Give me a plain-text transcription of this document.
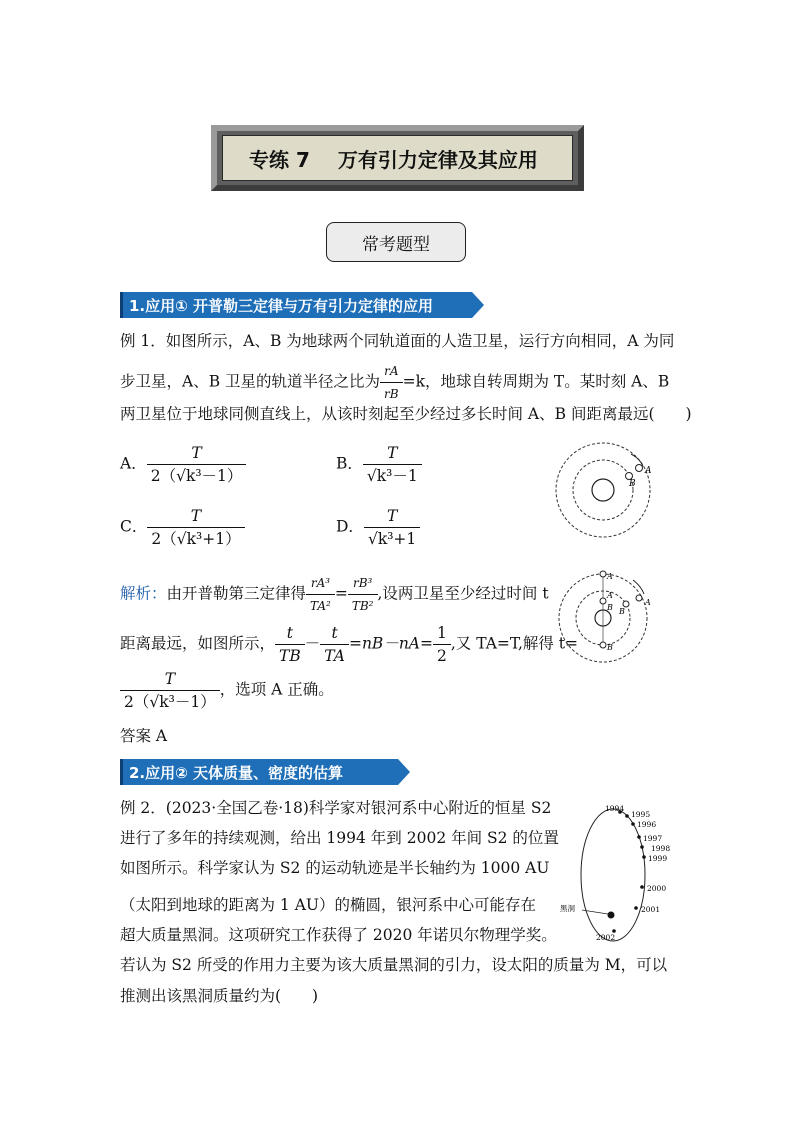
专练 7 万有引力定律及其应用
常考题型
1.应用① 开普勒三定律与万有引力定律的应用
例 1．如图所示，A、B 为地球两个同轨道面的人造卫星，运行方向相同，A 为同
步卫星，A、B 卫星的轨道半径之比为 $\frac{rA}{rB} =k$，地球自转周期为 T。某时刻 A、B
两卫星位于地球同侧直线上，从该时刻起至少经过多长时间 A、B 间距离最远(　　)
A． $\frac{T}{\text{2（√k³－1）}}$	B． $\frac{T}{\text{√k³－1}}$
C． $\frac{T}{\text{2（√k³+1）}}$	D． $\frac{T}{\text{√k³+1}}$
A
B
解析：由开普勒第三定律得 $\frac{\text{rA³}}{\text{TA²}} = \frac{\text{rB³}}{\text{TB²}}$ ,设两卫星至少经过时间 t
距离最远，如图所示， $\frac{t}{TB} - \frac{t}{TA} =nB-nA= \frac{1}{2}$ ,又 TA=T,解得 t=
$\frac{T}{\text{2（√k³－1）}}$ ，选项 A 正确。
A
B
B
A
A
B
答案 A
2.应用② 天体质量、密度的估算
例 2．(2023·全国乙卷·18)科学家对银河系中心附近的恒星 S2
进行了多年的持续观测，给出 1994 年到 2002 年间 S2 的位置
如图所示。科学家认为 S2 的运动轨迹是半长轴约为 1000 AU
（太阳到地球的距离为 1 AU）的椭圆，银河系中心可能存在
超大质量黑洞。这项研究工作获得了 2020 年诺贝尔物理学奖。
若认为 S2 所受的作用力主要为该大质量黑洞的引力，设太阳的质量为 M，可以
推测出该黑洞质量约为(　　)
黑洞
1994
1995
1996
1997
1998
1999
2000
2001
2002
